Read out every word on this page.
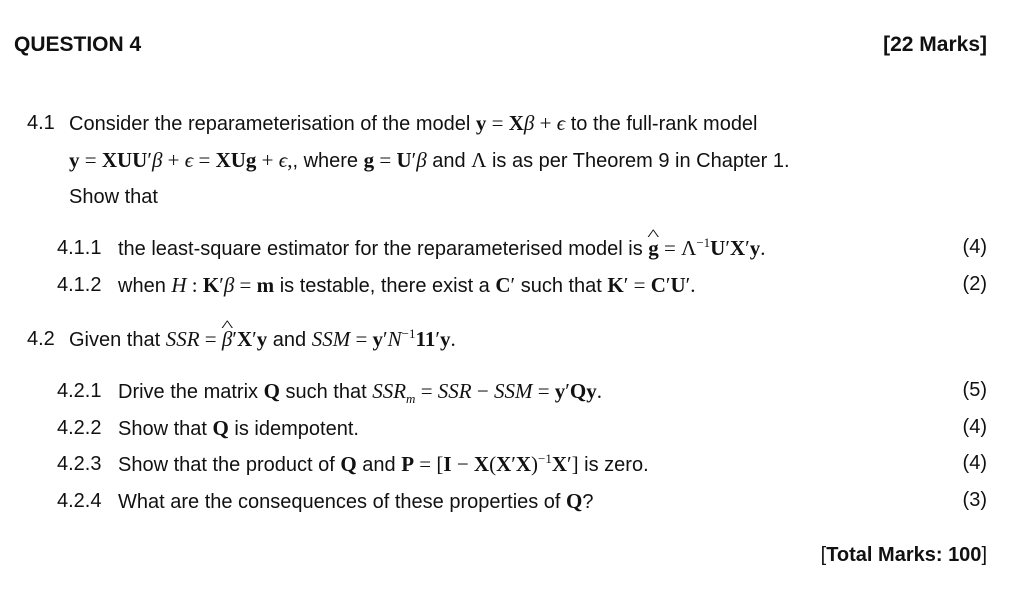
QUESTION 4	[22 Marks]
4.1 Consider the reparameterisation of the model y = Xβ + ϵ to the full-rank model
y = XUU′β + ϵ = XUg + ϵ,, where g = U′β and Λ is as per Theorem 9 in Chapter 1.
Show that
4.1.1 the least-square estimator for the reparameterised model is ^ $g = \Lambda^{-1}U'X'y$.	(4)
4.1.2 when H : K′β = m is testable, there exist a C′ such that K′ = C′U′.	(2)
4.2 Given that SSR = ^ β′X′y and SSM = $y'N^{-1}11'y$.
4.2.1 Drive the matrix Q such that $SSR_m$ = SSR − SSM = y′Qy.	(5)
4.2.2 Show that Q is idempotent.	(4)
4.2.3 Show that the product of Q and $P = [I - X(X'X)^{-1}X']$ is zero.	(4)
4.2.4 What are the consequences of these properties of Q?	(3)
[Total Marks: 100]
